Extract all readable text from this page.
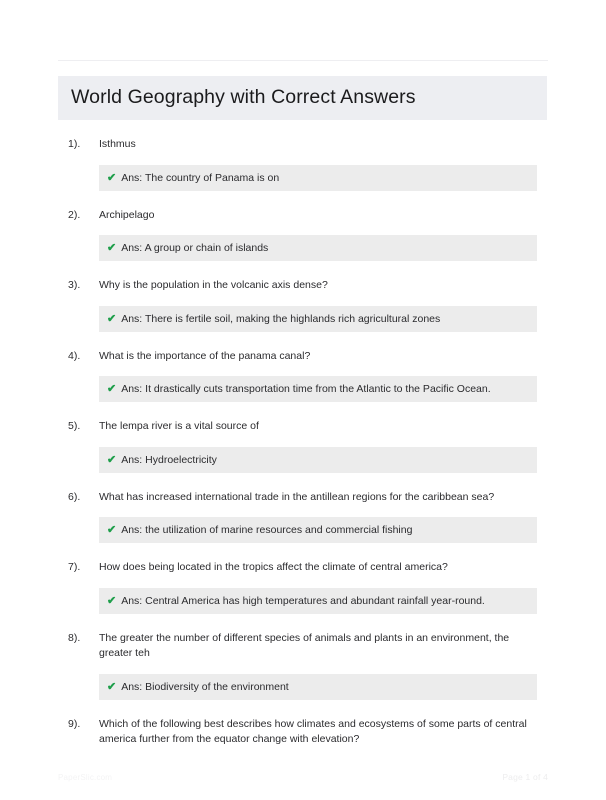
World Geography with Correct Answers
1).	Isthmus
✔ Ans: The country of Panama is on
2).	Archipelago
✔ Ans: A group or chain of islands
3).	Why is the population in the volcanic axis dense?
✔ Ans: There is fertile soil, making the highlands rich agricultural zones
4).	What is the importance of the panama canal?
✔ Ans: It drastically cuts transportation time from the Atlantic to the Pacific Ocean.
5).	The lempa river is a vital source of
✔ Ans: Hydroelectricity
6).	What has increased international trade in the antillean regions for the caribbean sea?
✔ Ans: the utilization of marine resources and commercial fishing
7).	How does being located in the tropics affect the climate of central america?
✔ Ans: Central America has high temperatures and abundant rainfall year-round.
8).	The greater the number of different species of animals and plants in an environment, the greater teh
✔ Ans: Biodiversity of the environment
9).	Which of the following best describes how climates and ecosystems of some parts of central america further from the equator change with elevation?
PaperSlic.com	Page 1 of 4
